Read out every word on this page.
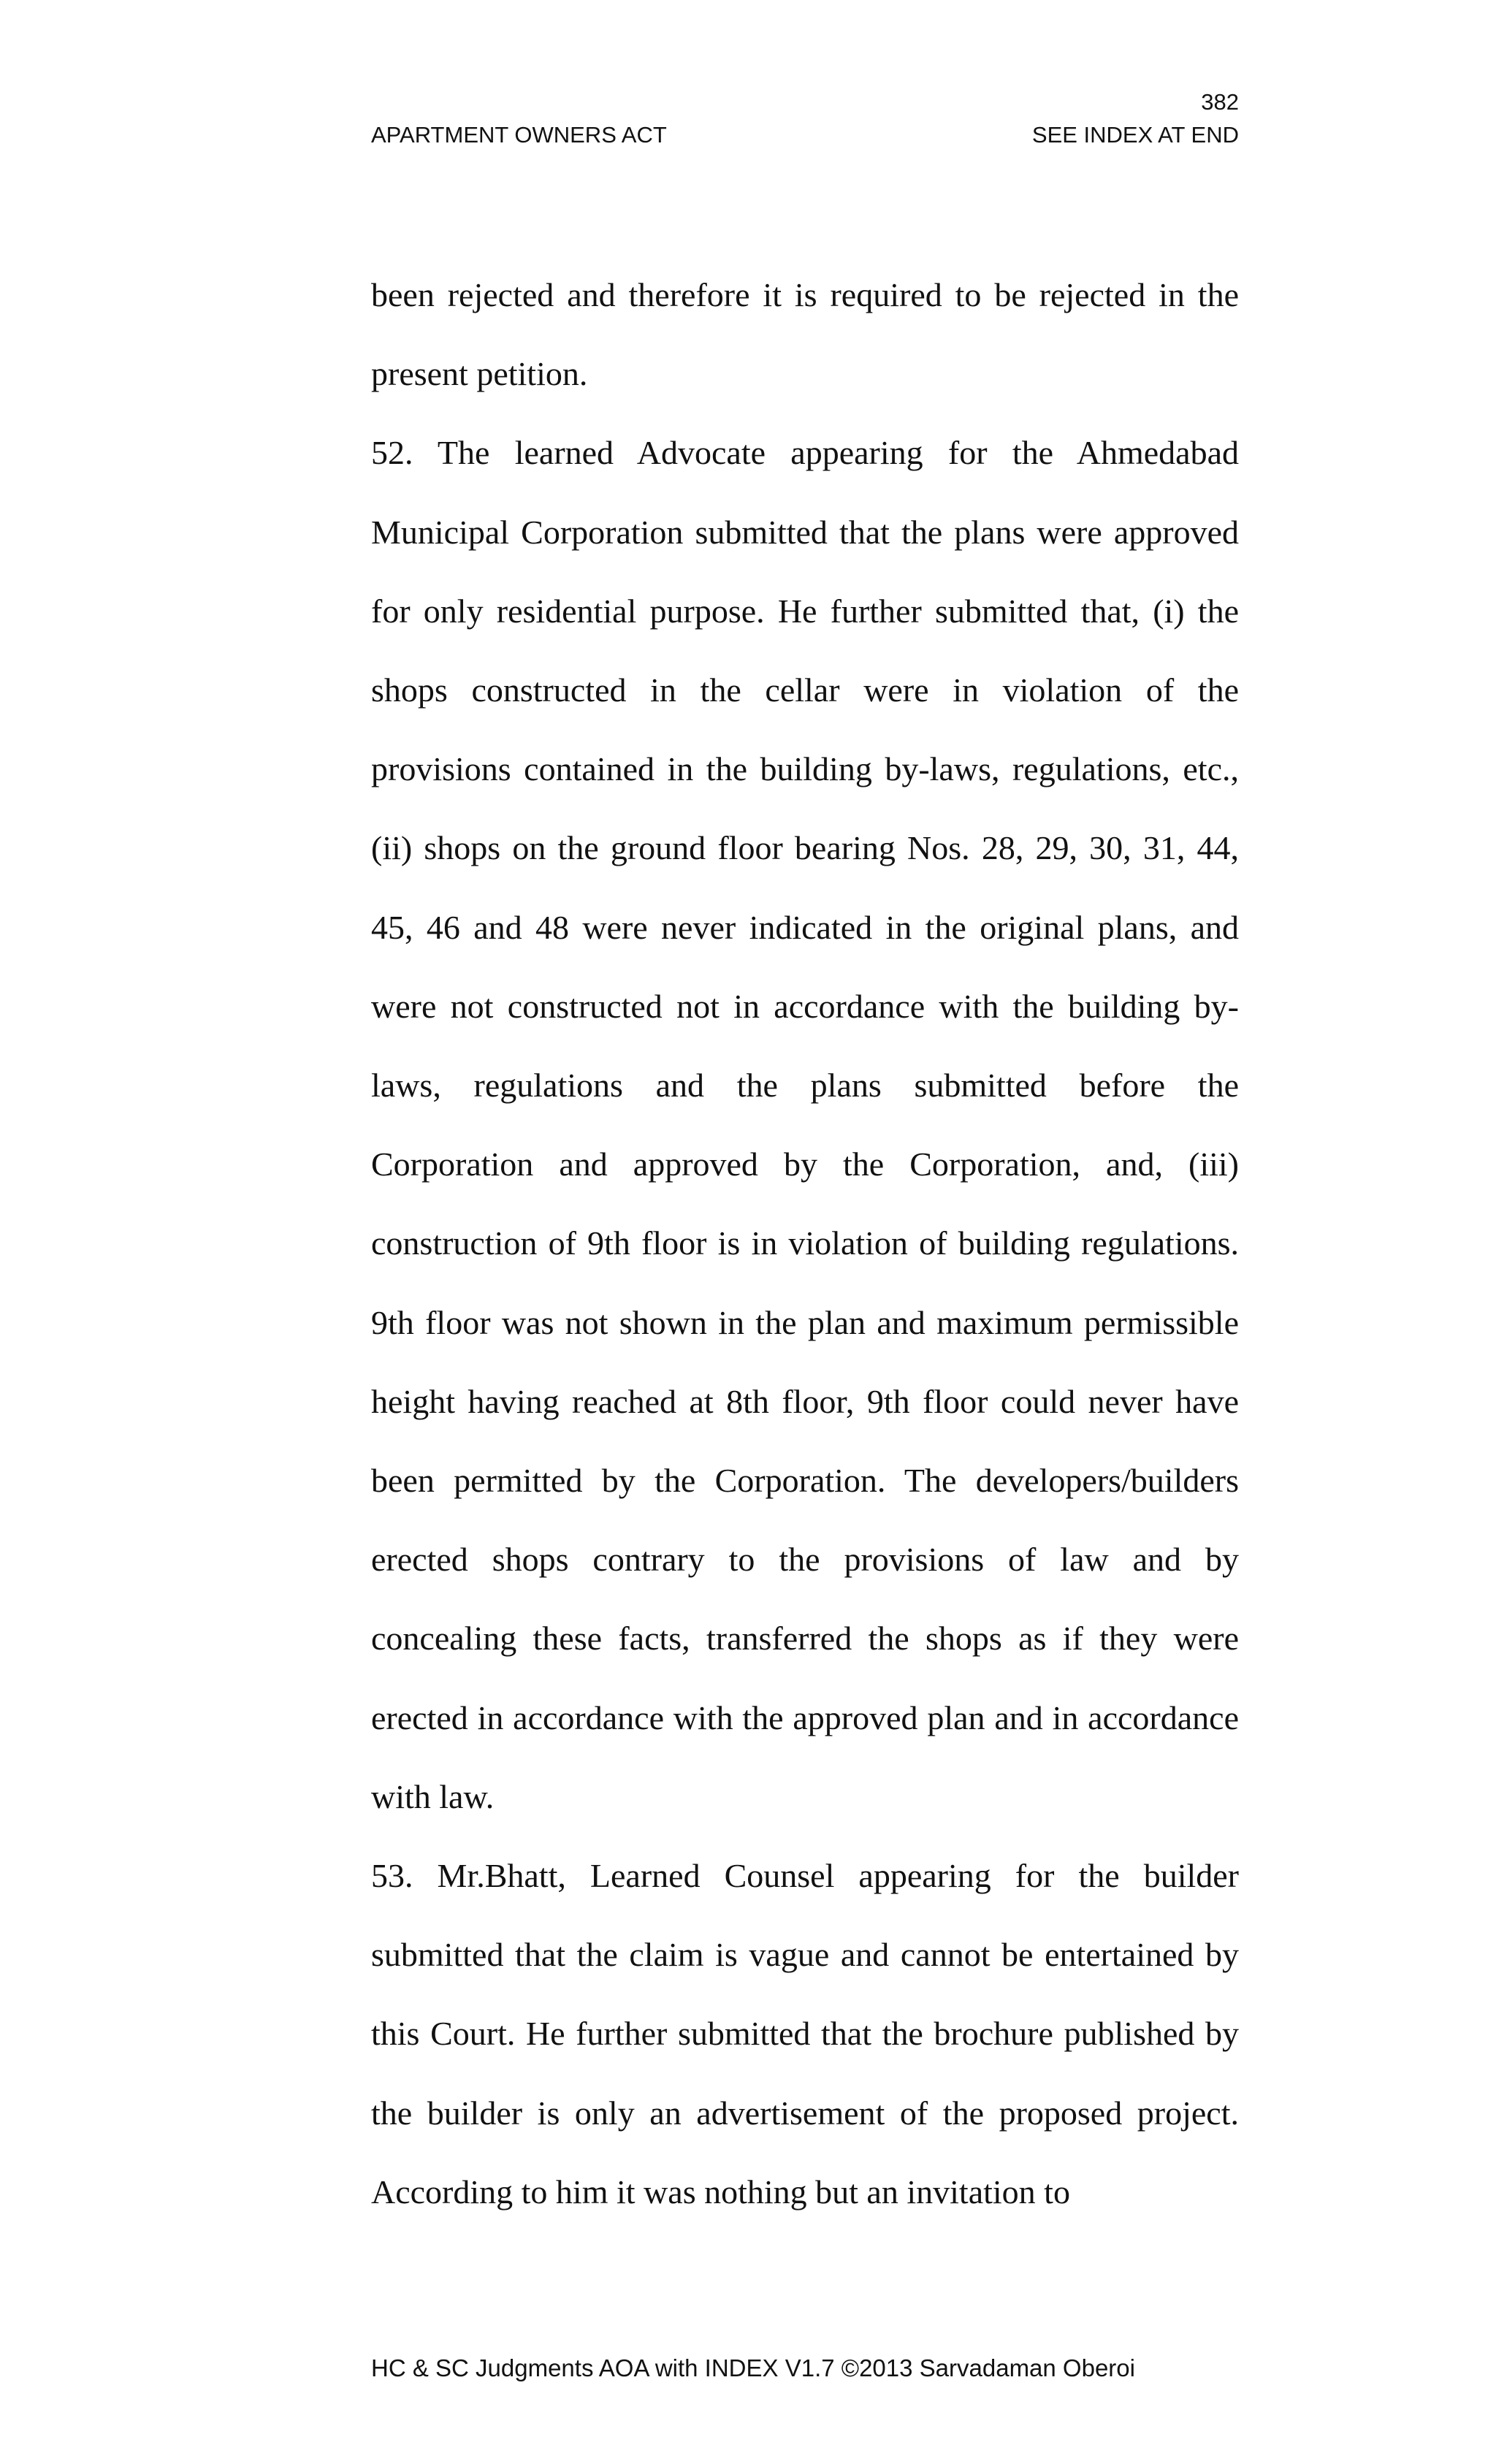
382
APARTMENT OWNERS ACT	SEE INDEX AT END

been rejected and therefore it is required to be rejected in the present petition.

52. The learned Advocate appearing for the Ahmedabad Municipal Corporation submitted that the plans were approved for only residential purpose. He further submitted that, (i) the shops constructed in the cellar were in violation of the provisions contained in the building by-laws, regulations, etc., (ii) shops on the ground floor bearing Nos. 28, 29, 30, 31, 44, 45, 46 and 48 were never indicated in the original plans, and were not constructed not in accordance with the building by-laws, regulations and the plans submitted before the Corporation and approved by the Corporation, and, (iii) construction of 9th floor is in violation of building regulations. 9th floor was not shown in the plan and maximum permissible height having reached at 8th floor, 9th floor could never have been permitted by the Corporation. The developers/builders erected shops contrary to the provisions of law and by concealing these facts, transferred the shops as if they were erected in accordance with the approved plan and in accordance with law.

53. Mr.Bhatt, Learned Counsel appearing for the builder submitted that the claim is vague and cannot be entertained by this Court. He further submitted that the brochure published by the builder is only an advertisement of the proposed project. According to him it was nothing but an invitation to

HC & SC Judgments AOA with INDEX V1.7 ©2013 Sarvadaman Oberoi
